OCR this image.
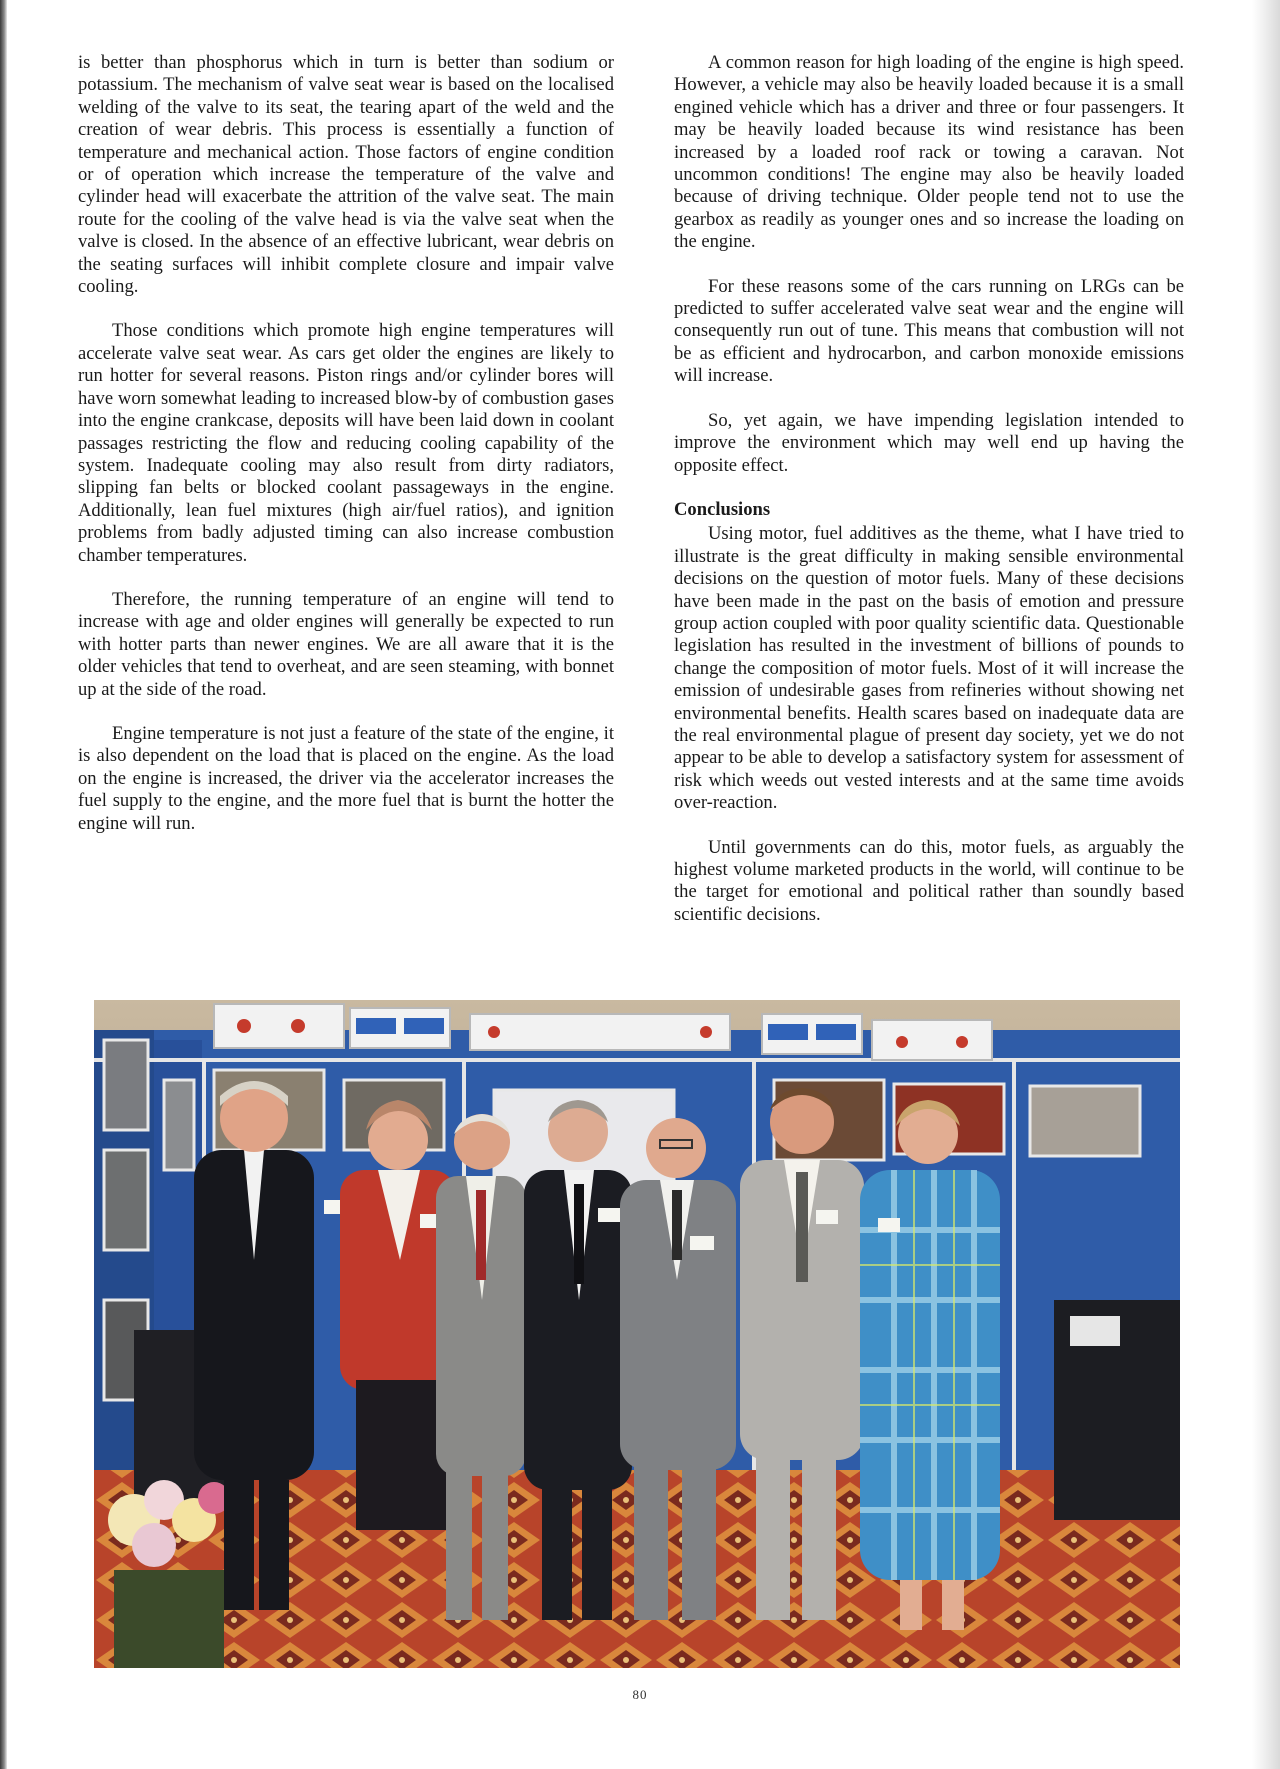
is better than phosphorus which in turn is better than sodium or potassium. The mechanism of valve seat wear is based on the localised welding of the valve to its seat, the tearing apart of the weld and the creation of wear debris. This process is essentially a function of temperature and mechanical action. Those factors of engine condition or of operation which increase the temperature of the valve and cylinder head will exacerbate the attrition of the valve seat. The main route for the cooling of the valve head is via the valve seat when the valve is closed. In the absence of an effective lubricant, wear debris on the seating surfaces will inhibit complete closure and impair valve cooling.

Those conditions which promote high engine temperatures will accelerate valve seat wear. As cars get older the engines are likely to run hotter for several reasons. Piston rings and/or cylinder bores will have worn somewhat leading to increased blow-by of combustion gases into the engine crankcase, deposits will have been laid down in coolant passages restricting the flow and reducing cooling capability of the system. Inadequate cooling may also result from dirty radiators, slipping fan belts or blocked coolant passageways in the engine. Additionally, lean fuel mixtures (high air/fuel ratios), and ignition problems from badly adjusted timing can also increase combustion chamber temperatures.

Therefore, the running temperature of an engine will tend to increase with age and older engines will generally be expected to run with hotter parts than newer engines. We are all aware that it is the older vehicles that tend to overheat, and are seen steaming, with bonnet up at the side of the road.

Engine temperature is not just a feature of the state of the engine, it is also dependent on the load that is placed on the engine. As the load on the engine is increased, the driver via the accelerator increases the fuel supply to the engine, and the more fuel that is burnt the hotter the engine will run.

A common reason for high loading of the engine is high speed. However, a vehicle may also be heavily loaded because it is a small engined vehicle which has a driver and three or four passengers. It may be heavily loaded because its wind resistance has been increased by a loaded roof rack or towing a caravan. Not uncommon conditions! The engine may also be heavily loaded because of driving technique. Older people tend not to use the gearbox as readily as younger ones and so increase the loading on the engine.

For these reasons some of the cars running on LRGs can be predicted to suffer accelerated valve seat wear and the engine will consequently run out of tune. This means that combustion will not be as efficient and hydrocarbon, and carbon monoxide emissions will increase.

So, yet again, we have impending legislation intended to improve the environment which may well end up having the opposite effect.

Conclusions

Using motor, fuel additives as the theme, what I have tried to illustrate is the great difficulty in making sensible environmental decisions on the question of motor fuels. Many of these decisions have been made in the past on the basis of emotion and pressure group action coupled with poor quality scientific data. Questionable legislation has resulted in the investment of billions of pounds to change the composition of motor fuels. Most of it will increase the emission of undesirable gases from refineries without showing net environmental benefits. Health scares based on inadequate data are the real environmental plague of present day society, yet we do not appear to be able to develop a satisfactory system for assessment of risk which weeds out vested interests and at the same time avoids over-reaction.

Until governments can do this, motor fuels, as arguably the highest volume marketed products in the world, will continue to be the target for emotional and political rather than soundly based scientific decisions.

80
